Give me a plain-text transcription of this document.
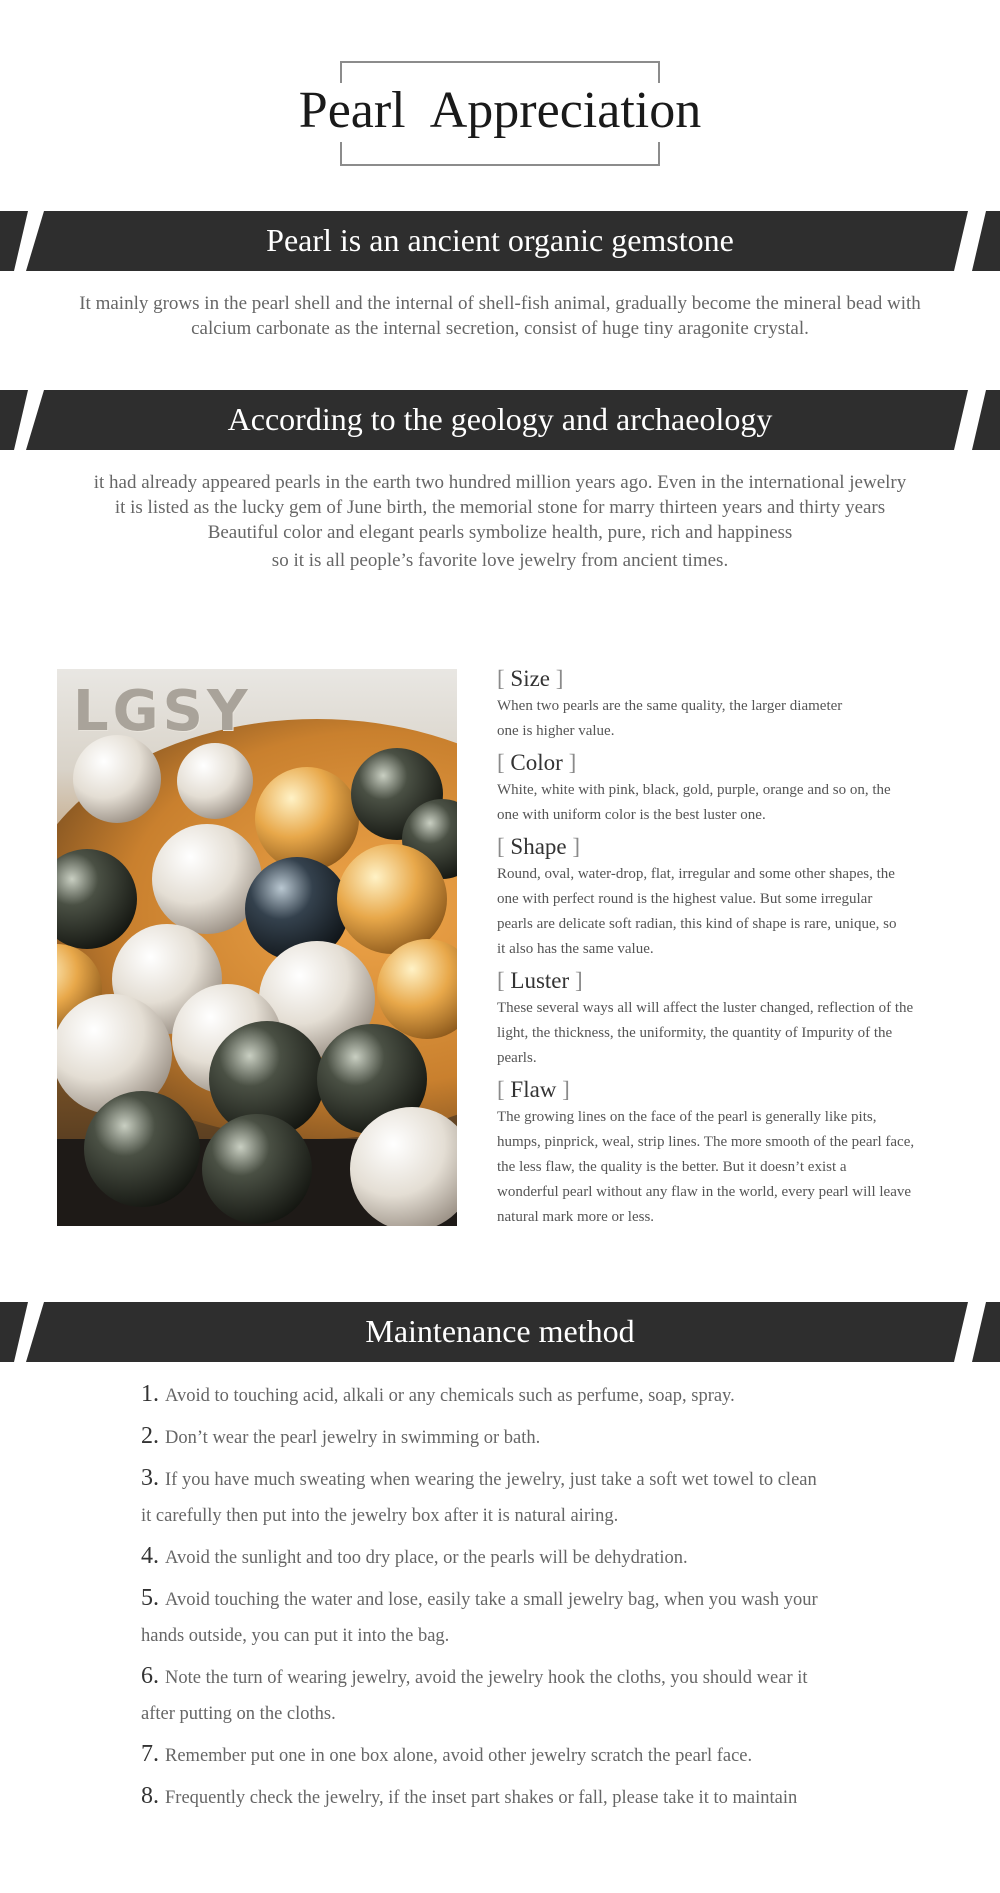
Pearl Appreciation
Pearl is an ancient organic gemstone
It mainly grows in the pearl shell and the internal of shell-fish animal, gradually become the mineral bead with
calcium carbonate as the internal secretion, consist of huge tiny aragonite crystal.
According to the geology and archaeology
it had already appeared pearls in the earth two hundred million years ago. Even in the international jewelry
it is listed as the lucky gem of June birth, the memorial stone for marry thirteen years and thirty years
Beautiful color and elegant pearls symbolize health, pure, rich and happiness
so it is all people’s favorite love jewelry from ancient times.
LGSY
[ Size ]
When two pearls are the same quality, the larger diameter
one is higher value.
[ Color ]
White, white with pink, black, gold, purple, orange and so on, the
one with uniform color is the best luster one.
[ Shape ]
Round, oval, water-drop, flat, irregular and some other shapes, the
one with perfect round is the highest value. But some irregular
pearls are delicate soft radian, this kind of shape is rare, unique, so
it also has the same value.
[ Luster ]
These several ways all will affect the luster changed, reflection of the
light, the thickness, the uniformity, the quantity of Impurity of the
pearls.
[ Flaw ]
The growing lines on the face of the pearl is generally like pits,
humps, pinprick, weal, strip lines. The more smooth of the pearl face,
the less flaw, the quality is the better. But it doesn’t exist a
wonderful pearl without any flaw in the world, every pearl will leave
natural mark more or less.
Maintenance method
1. Avoid to touching acid, alkali or any chemicals such as perfume, soap, spray.
2. Don’t wear the pearl jewelry in swimming or bath.
3. If you have much sweating when wearing the jewelry, just take a soft wet towel to clean
it carefully then put into the jewelry box after it is natural airing.
4. Avoid the sunlight and too dry place, or the pearls will be dehydration.
5. Avoid touching the water and lose, easily take a small jewelry bag, when you wash your
hands outside, you can put it into the bag.
6. Note the turn of wearing jewelry, avoid the jewelry hook the cloths, you should wear it
after putting on the cloths.
7. Remember put one in one box alone, avoid other jewelry scratch the pearl face.
8. Frequently check the jewelry, if the inset part shakes or fall, please take it to maintain
